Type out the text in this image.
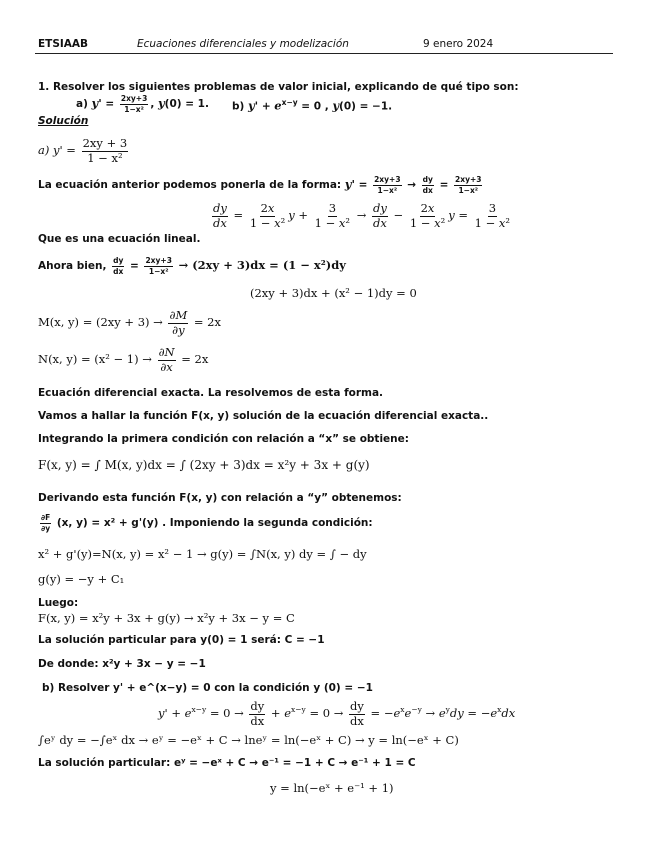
ETSIAAB	Ecuaciones diferenciales y modelización	9 enero 2024
1. Resolver los siguientes problemas de valor inicial, explicando de qué tipo son:
a) $y' = \frac{2xy+3}{\text{1−x²}}$ , y(0) = 1. b) $y' + e^{x-y} = 0$ , y(0) = −1.
Solución
a) $y' = \frac{2xy + 3}{\text{1 − x²}}$
La ecuación anterior podemos ponerla de la forma: $y' = \frac{2xy+3}{\text{1−x²}} \to \frac{dy}{dx} = \frac{2xy+3}{\text{1−x²}}$
$\frac{dy}{dx} = \frac{2x}{\text{1 − x²}}$ $y + \frac{3}{\text{1 − x²}} \to \frac{dy}{dx} - \frac{2x}{\text{1 − x²}}$ $y = \frac{3}{\text{1 − x²}}$
Que es una ecuación lineal.
Ahora bien, $\frac{dy}{dx} = \frac{2xy+3}{\text{1−x²}} \to (2xy + 3)dx = (1 - x^2)dy$
(2xy + 3)dx + (x² − 1)dy = 0
M(x, $y) = (2xy + 3) \to \frac{\partial M}{\partial y} = 2x$
N(x, $y) = (x^2 - 1) \to \frac{\partial N}{\partial x} = 2x$
Ecuación diferencial exacta. La resolvemos de esta forma.
Vamos a hallar la función F(x, y) solución de la ecuación diferencial exacta..
Integrando la primera condición con relación a “x” se obtiene:
F(x, y) = ∫ M(x, y)dx = ∫ (2xy + 3)dx = x²y + 3x + g(y)
Derivando esta función F(x, y) con relación a “y” obtenemos:
$\frac{\partial F}{\partial y} (x$, y) = x² + g'(y) . Imponiendo la segunda condición:
x² + g'(y)=N(x, y) = x² − 1 → g(y) = ∫N(x, y) dy = ∫ − dy
g(y) = −y + C₁
Luego:
F(x, y) = x²y + 3x + g(y) → x²y + 3x − y = C
La solución particular para y(0) = 1 será: C = −1
De donde: x²y + 3x − y = −1
b) Resolver y' + e^(x−y) = 0 con la condición y (0) = −1
$y' + e^{x-y} = 0 \to \frac{dy}{dx} + e^{x-y} = 0 \to \frac{dy}{dx} = -e^xe^{-y} \to e^ydy = -e^xdx$
∫eʸ dy = −∫eˣ dx → eʸ = −eˣ + C → lneʸ = ln(−eˣ + C) → y = ln(−eˣ + C)
La solución particular: eʸ = −eˣ + C → e⁻¹ = −1 + C → e⁻¹ + 1 = C
y = ln(−eˣ + e⁻¹ + 1)
